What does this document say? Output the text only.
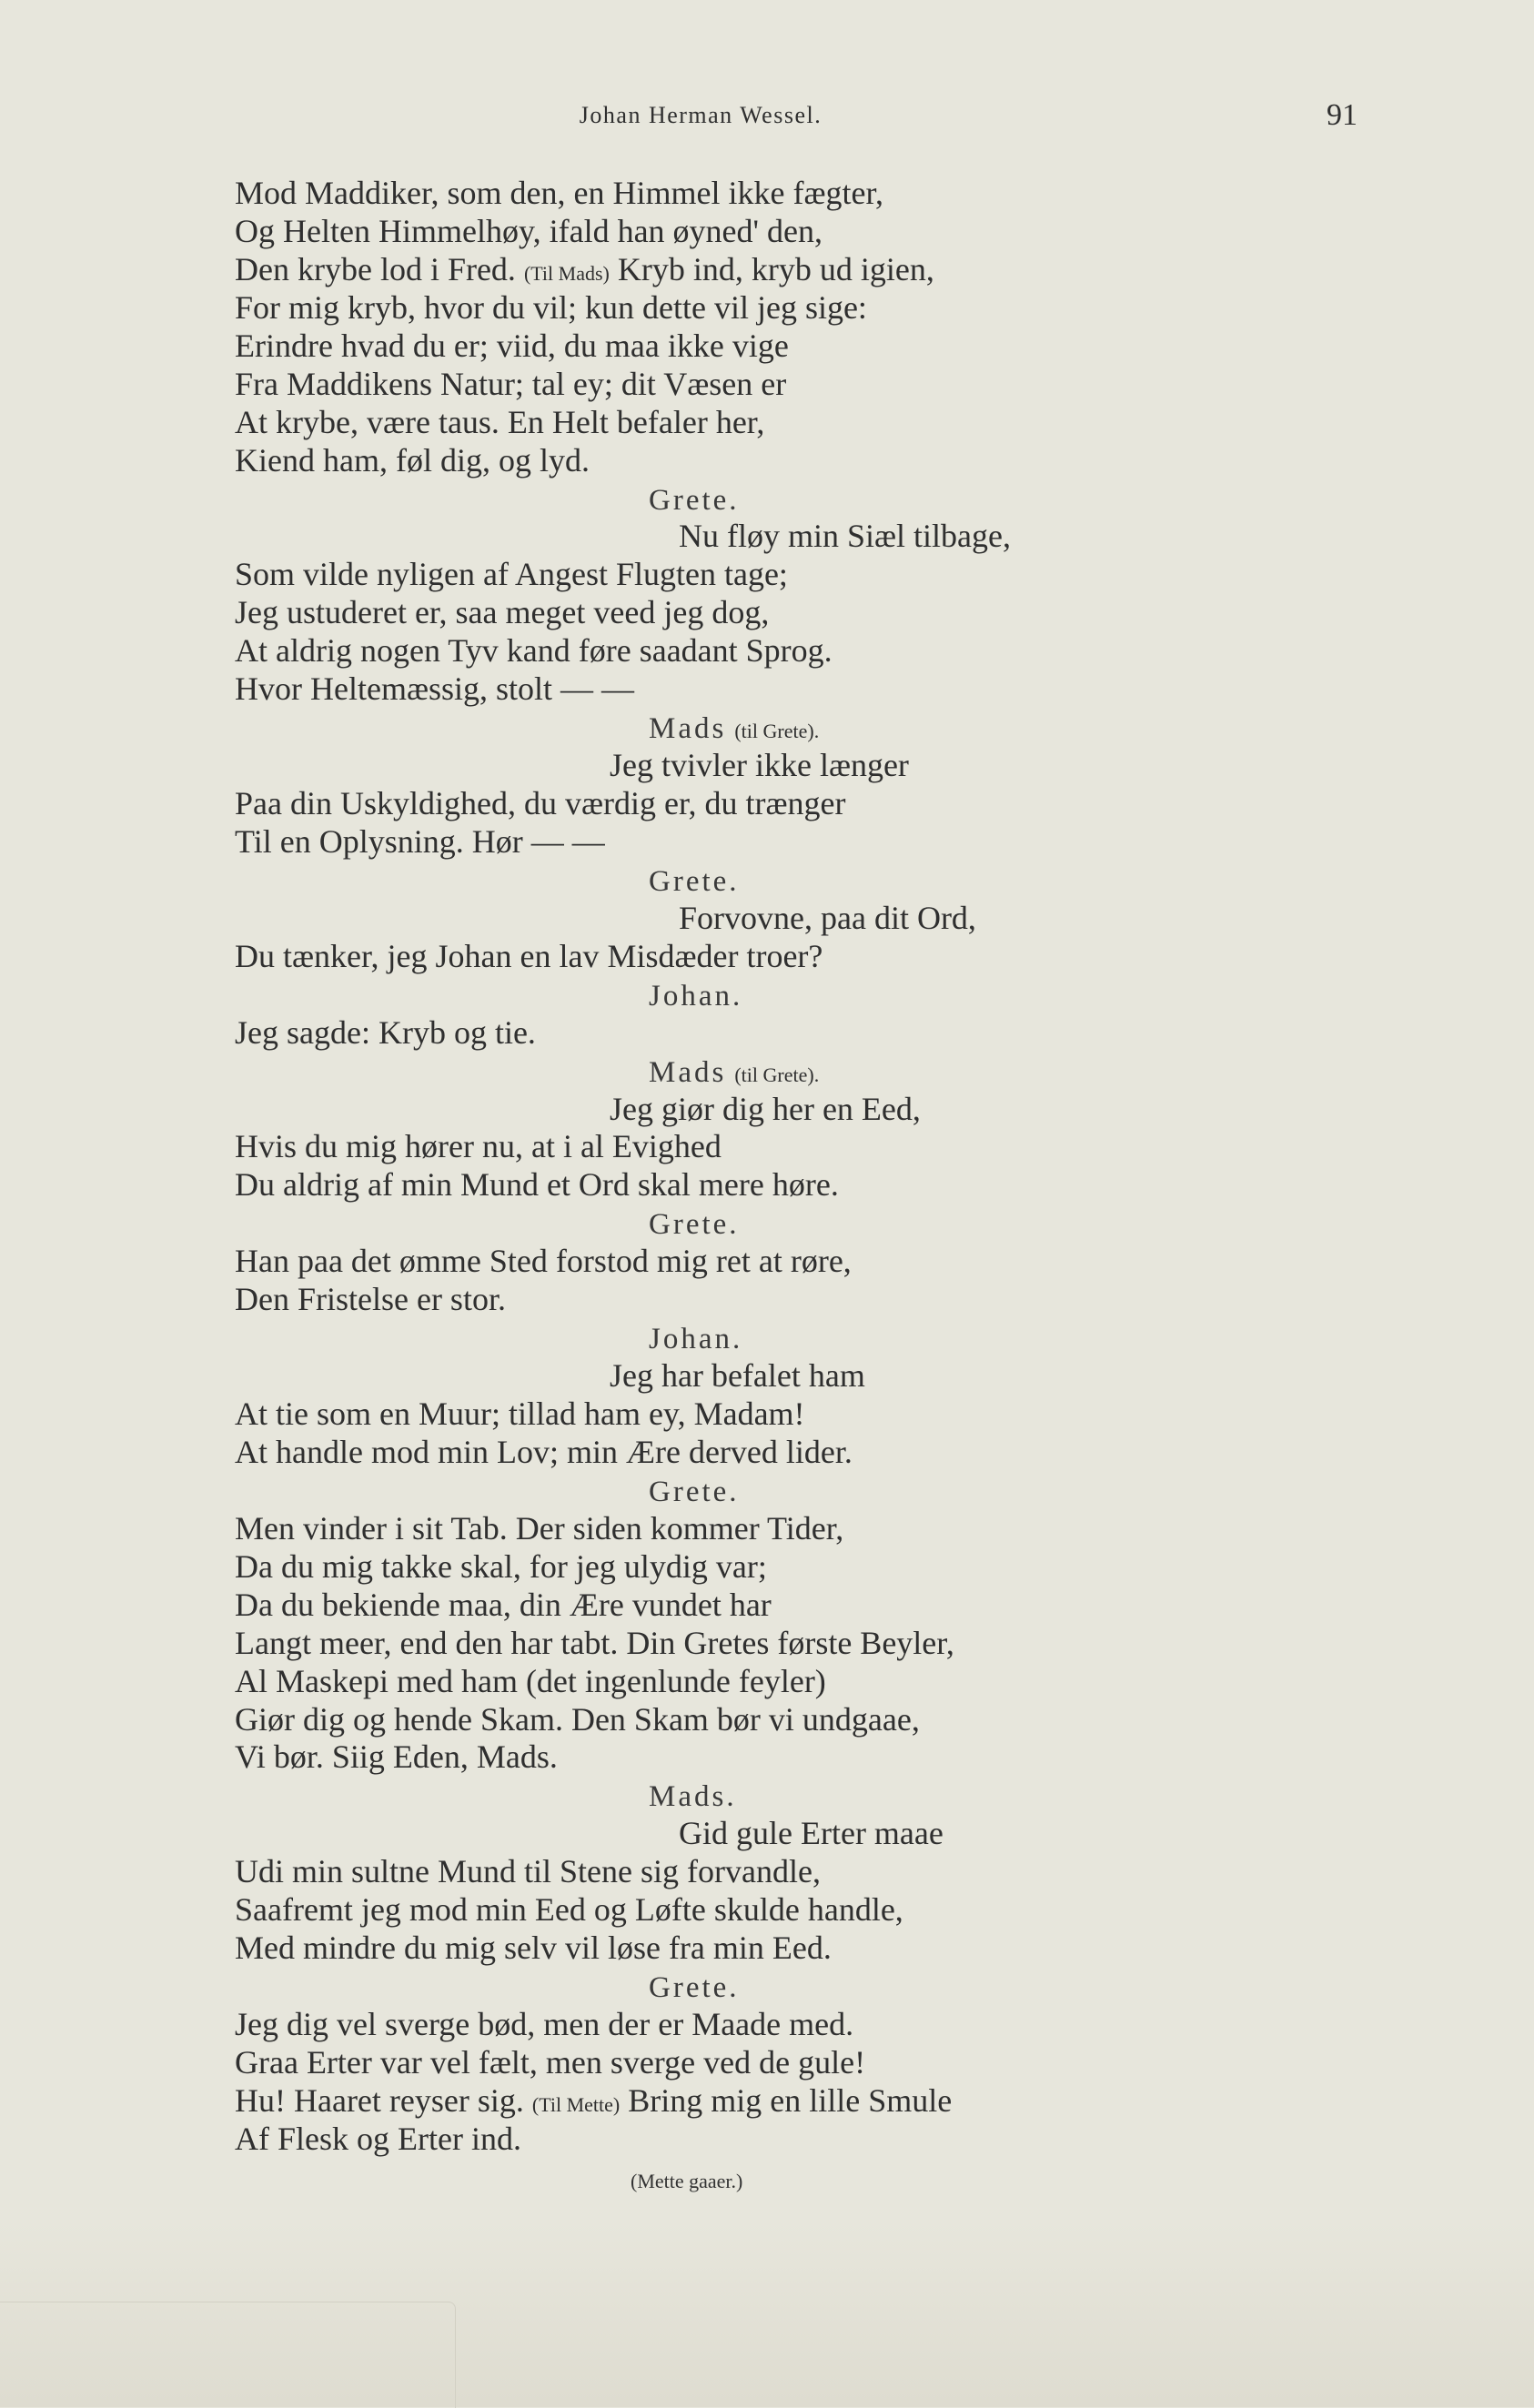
Johan Herman Wessel.	91
Mod Maddiker, som den, en Himmel ikke fægter,
Og Helten Himmelhøy, ifald han øyned' den,
Den krybe lod i Fred. (Til Mads) Kryb ind, kryb ud igien,
For mig kryb, hvor du vil; kun dette vil jeg sige:
Erindre hvad du er; viid, du maa ikke vige
Fra Maddikens Natur; tal ey; dit Væsen er
At krybe, være taus. En Helt befaler her,
Kiend ham, føl dig, og lyd.
Grete.
Nu fløy min Siæl tilbage,
Som vilde nyligen af Angest Flugten tage;
Jeg ustuderet er, saa meget veed jeg dog,
At aldrig nogen Tyv kand føre saadant Sprog.
Hvor Heltemæssig, stolt — —
Mads (til Grete).
Jeg tvivler ikke længer
Paa din Uskyldighed, du værdig er, du trænger
Til en Oplysning. Hør — —
Grete.
Forvovne, paa dit Ord,
Du tænker, jeg Johan en lav Misdæder troer?
Johan.
Jeg sagde: Kryb og tie.
Mads (til Grete).
Jeg giør dig her en Eed,
Hvis du mig hører nu, at i al Evighed
Du aldrig af min Mund et Ord skal mere høre.
Grete.
Han paa det ømme Sted forstod mig ret at røre,
Den Fristelse er stor.
Johan.
Jeg har befalet ham
At tie som en Muur; tillad ham ey, Madam!
At handle mod min Lov; min Ære derved lider.
Grete.
Men vinder i sit Tab. Der siden kommer Tider,
Da du mig takke skal, for jeg ulydig var;
Da du bekiende maa, din Ære vundet har
Langt meer, end den har tabt. Din Gretes første Beyler,
Al Maskepi med ham (det ingenlunde feyler)
Giør dig og hende Skam. Den Skam bør vi undgaae,
Vi bør. Siig Eden, Mads.
Mads.
Gid gule Erter maae
Udi min sultne Mund til Stene sig forvandle,
Saafremt jeg mod min Eed og Løfte skulde handle,
Med mindre du mig selv vil løse fra min Eed.
Grete.
Jeg dig vel sverge bød, men der er Maade med.
Graa Erter var vel fælt, men sverge ved de gule!
Hu! Haaret reyser sig. (Til Mette) Bring mig en lille Smule
Af Flesk og Erter ind.
(Mette gaaer.)
